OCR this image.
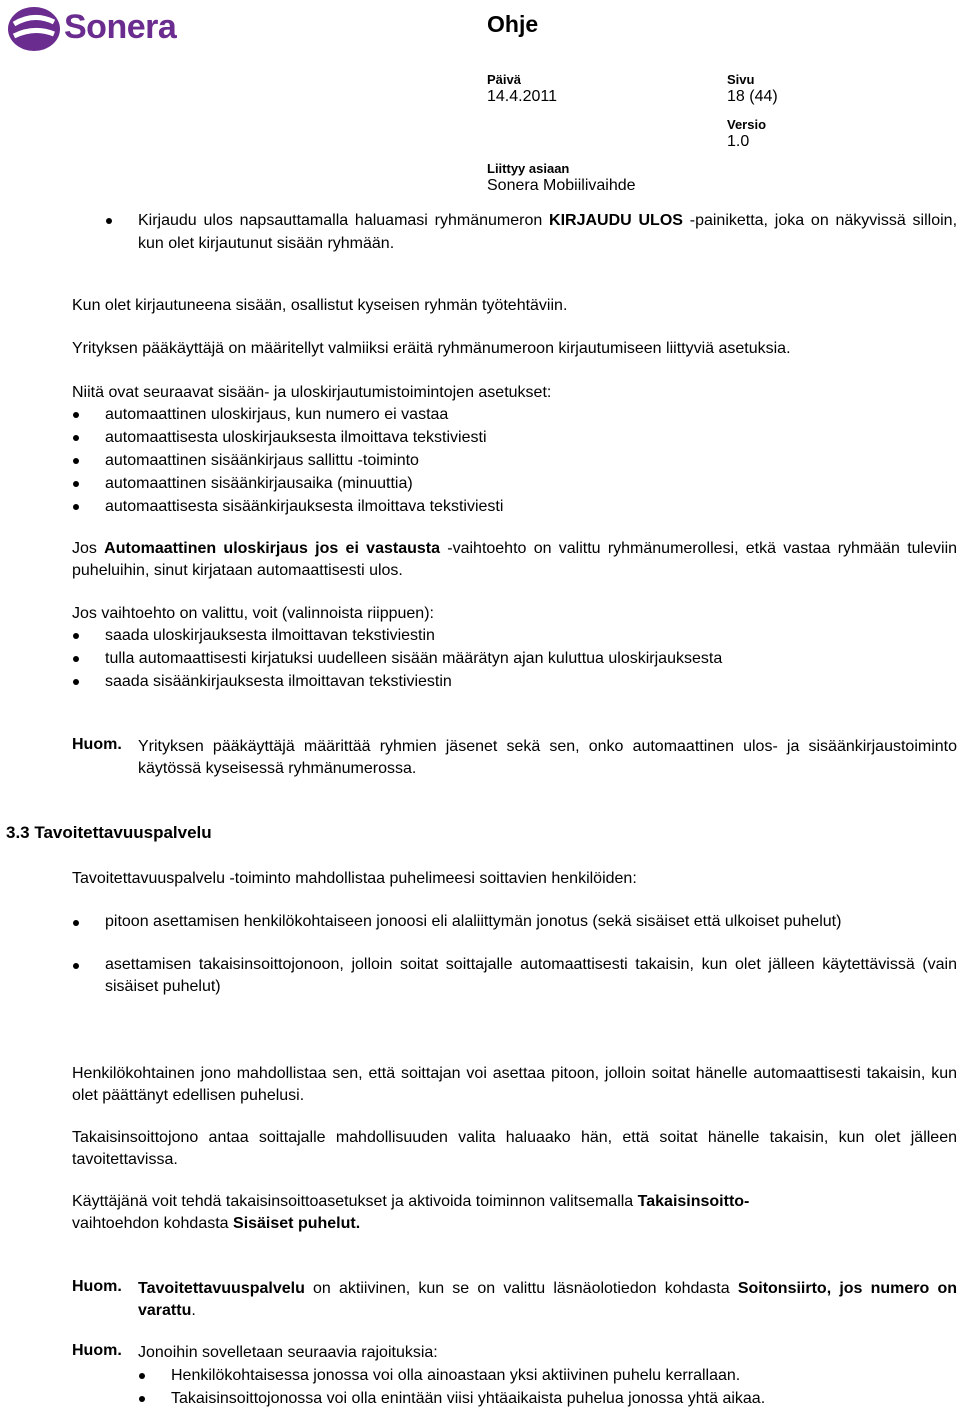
Sonera	Ohje
Päivä
14.4.2011
Sivu
18 (44)
Versio
1.0
Liittyy asiaan
Sonera Mobiilivaihde
Kirjaudu ulos napsauttamalla haluamasi ryhmänumeron KIRJAUDU ULOS -painiketta, joka on näkyvissä silloin, kun olet kirjautunut sisään ryhmään.
Kun olet kirjautuneena sisään, osallistut kyseisen ryhmän työtehtäviin.
Yrityksen pääkäyttäjä on määritellyt valmiiksi eräitä ryhmänumeroon kirjautumiseen liittyviä asetuksia.
Niitä ovat seuraavat sisään- ja uloskirjautumistoimintojen asetukset:
automaattinen uloskirjaus, kun numero ei vastaa
automaattisesta uloskirjauksesta ilmoittava tekstiviesti
automaattinen sisäänkirjaus sallittu -toiminto
automaattinen sisäänkirjausaika (minuuttia)
automaattisesta sisäänkirjauksesta ilmoittava tekstiviesti
Jos Automaattinen uloskirjaus jos ei vastausta -vaihtoehto on valittu ryhmänumerollesi, etkä vastaa ryhmään tuleviin puheluihin, sinut kirjataan automaattisesti ulos.
Jos vaihtoehto on valittu, voit (valinnoista riippuen):
saada uloskirjauksesta ilmoittavan tekstiviestin
tulla automaattisesti kirjatuksi uudelleen sisään määrätyn ajan kuluttua uloskirjauksesta
saada sisäänkirjauksesta ilmoittavan tekstiviestin
Huom. Yrityksen pääkäyttäjä määrittää ryhmien jäsenet sekä sen, onko automaattinen ulos- ja sisäänkirjaustoiminto käytössä kyseisessä ryhmänumerossa.
3.3 Tavoitettavuuspalvelu
Tavoitettavuuspalvelu -toiminto mahdollistaa puhelimeesi soittavien henkilöiden:
pitoon asettamisen henkilökohtaiseen jonoosi eli alaliittymän jonotus (sekä sisäiset että ulkoiset puhelut)
asettamisen takaisinsoittojonoon, jolloin soitat soittajalle automaattisesti takaisin, kun olet jälleen käytettävissä (vain sisäiset puhelut)
Henkilökohtainen jono mahdollistaa sen, että soittajan voi asettaa pitoon, jolloin soitat hänelle automaattisesti takaisin, kun olet päättänyt edellisen puhelusi.
Takaisinsoittojono antaa soittajalle mahdollisuuden valita haluaako hän, että soitat hänelle takaisin, kun olet jälleen tavoitettavissa.
Käyttäjänä voit tehdä takaisinsoittoasetukset ja aktivoida toiminnon valitsemalla Takaisinsoitto-
vaihtoehdon kohdasta Sisäiset puhelut.
Huom. Tavoitettavuuspalvelu on aktiivinen, kun se on valittu läsnäolotiedon kohdasta Soitonsiirto, jos numero on varattu.
Huom. Jonoihin sovelletaan seuraavia rajoituksia:
Henkilökohtaisessa jonossa voi olla ainoastaan yksi aktiivinen puhelu kerrallaan.
Takaisinsoittojonossa voi olla enintään viisi yhtäaikaista puhelua jonossa yhtä aikaa.
